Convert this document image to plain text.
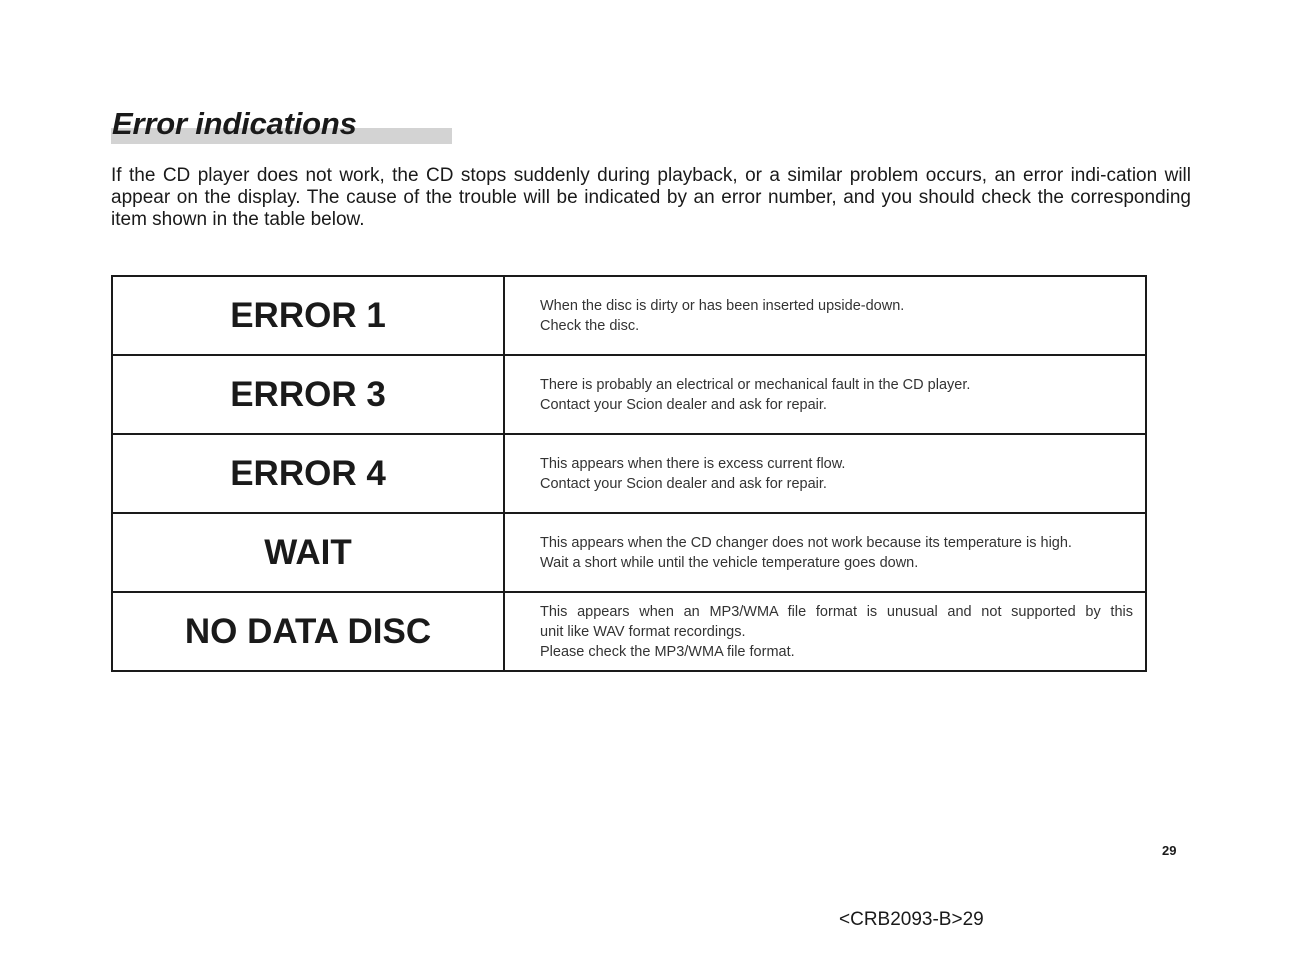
Error indications
If the CD player does not work, the CD stops suddenly during playback, or a similar problem occurs, an error indi-cation will appear on the display. The cause of the trouble will be indicated by an error number, and you should check the corresponding item shown in the table below.
ERROR 1	When the disc is dirty or has been inserted upside-down.
Check the disc.

ERROR 3	There is probably an electrical or mechanical fault in the CD player.
Contact your Scion dealer and ask for repair.

ERROR 4	This appears when there is excess current flow.
Contact your Scion dealer and ask for repair.

WAIT	This appears when the CD changer does not work because its temperature is high.
Wait a short while until the vehicle temperature goes down.

NO DATA DISC	This appears when an MP3/WMA file format is unusual and not supported by this
unit like WAV format recordings.
Please check the MP3/WMA file format.
29
<CRB2093-B>29
